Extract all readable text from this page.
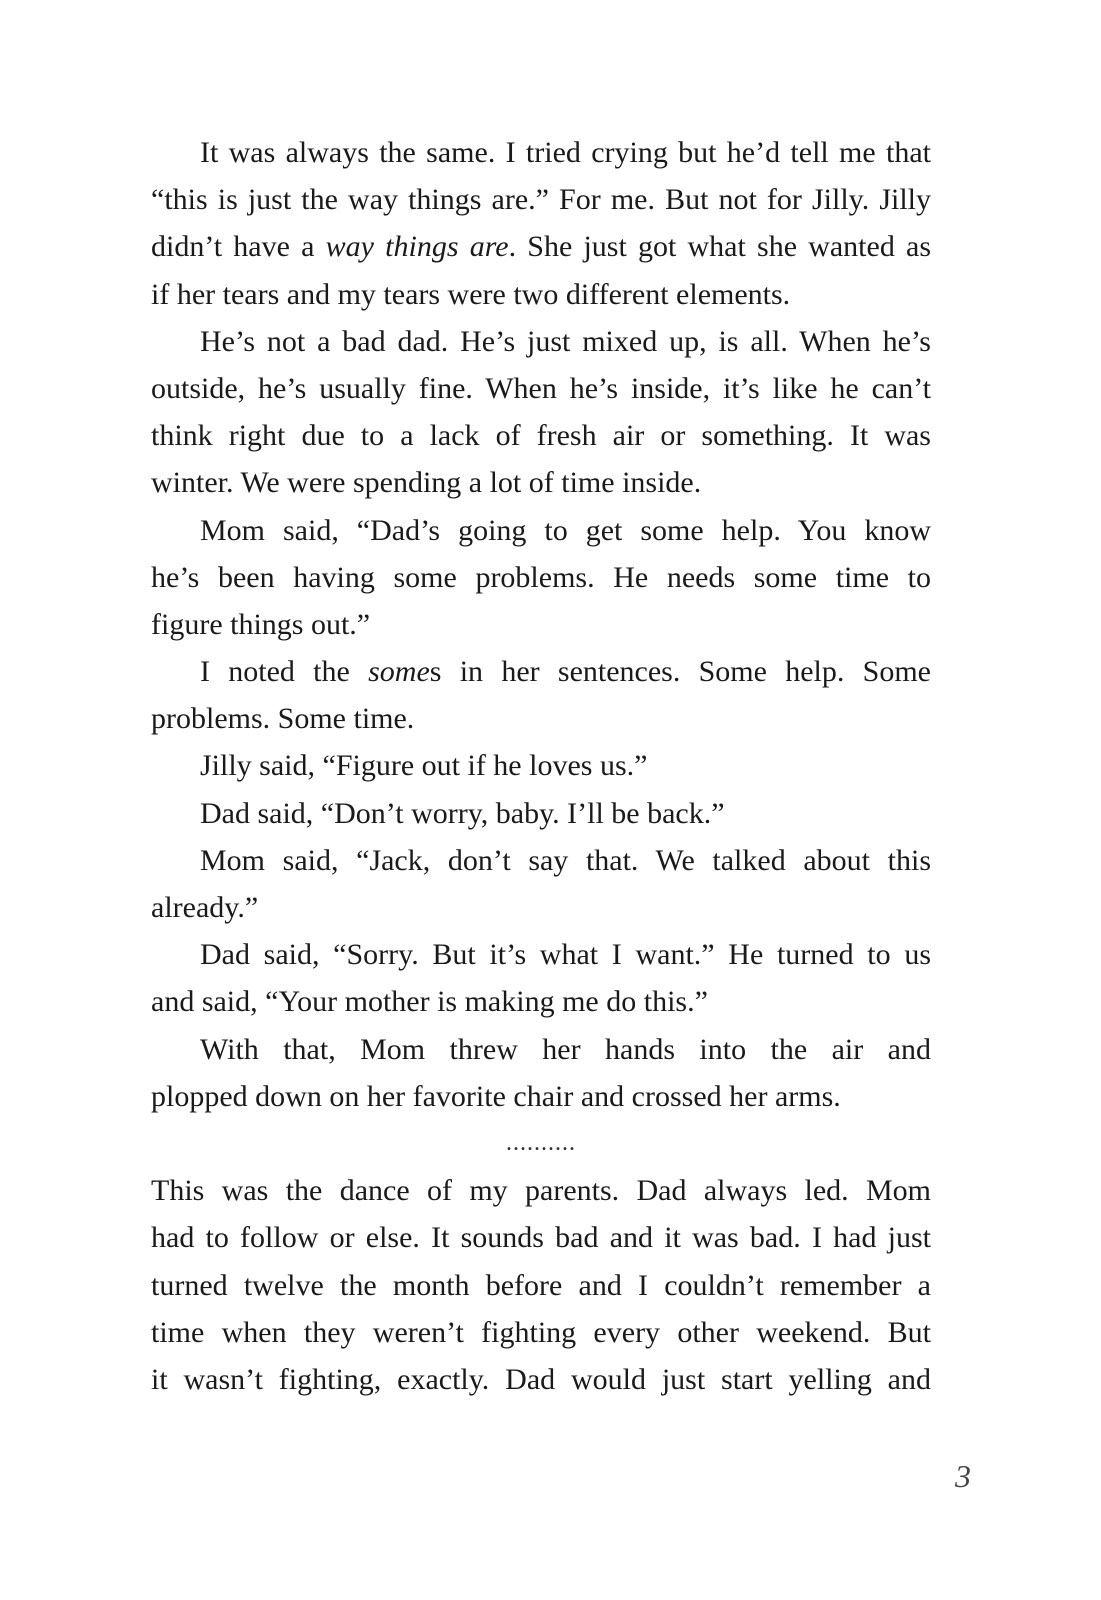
It was always the same. I tried crying but he’d tell me that
“this is just the way things are.” For me. But not for Jilly. Jilly
didn’t have a way things are. She just got what she wanted as
if her tears and my tears were two different elements.
He’s not a bad dad. He’s just mixed up, is all. When he’s
outside, he’s usually fine. When he’s inside, it’s like he can’t
think right due to a lack of fresh air or something. It was
winter. We were spending a lot of time inside.
Mom said, “Dad’s going to get some help. You know
he’s been having some problems. He needs some time to
figure things out.”
I noted the somes in her sentences. Some help. Some
problems. Some time.
Jilly said, “Figure out if he loves us.”
Dad said, “Don’t worry, baby. I’ll be back.”
Mom said, “Jack, don’t say that. We talked about this
already.”
Dad said, “Sorry. But it’s what I want.” He turned to us
and said, “Your mother is making me do this.”
With that, Mom threw her hands into the air and
plopped down on her favorite chair and crossed her arms.
..........
This was the dance of my parents. Dad always led. Mom
had to follow or else. It sounds bad and it was bad. I had just
turned twelve the month before and I couldn’t remember a
time when they weren’t fighting every other weekend. But
it wasn’t fighting, exactly. Dad would just start yelling and
3
